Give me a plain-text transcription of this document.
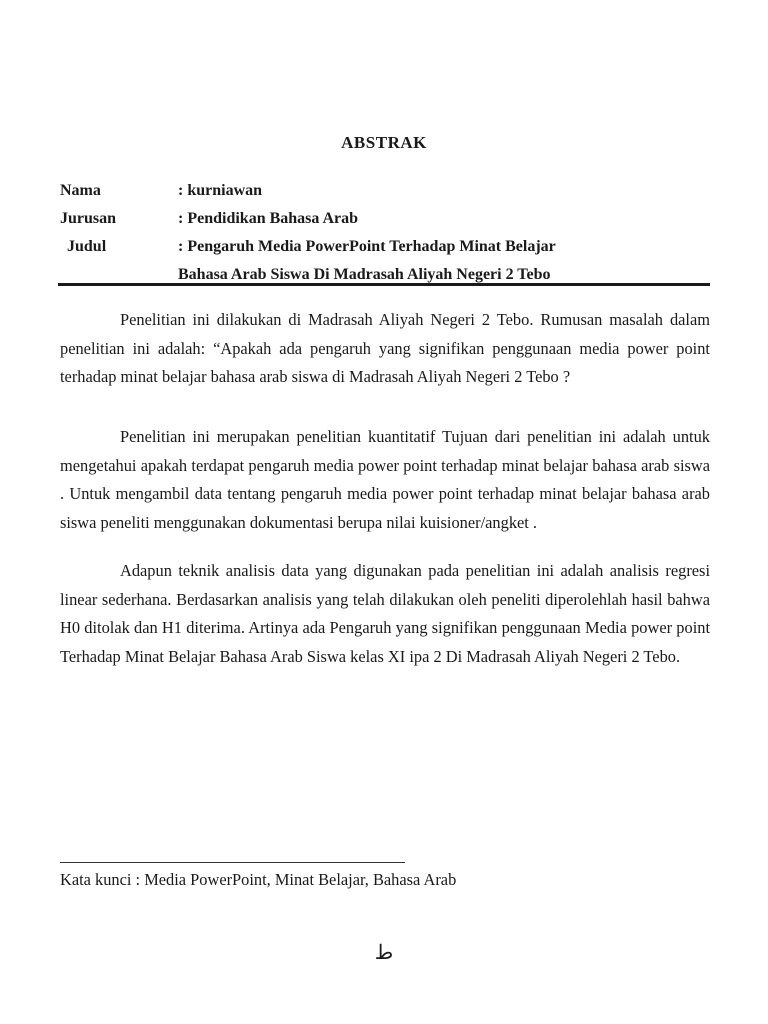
ABSTRAK
Nama	: kurniawan
Jurusan	: Pendidikan Bahasa Arab
Judul	: Pengaruh Media PowerPoint Terhadap Minat Belajar
Bahasa Arab Siswa Di Madrasah Aliyah Negeri 2 Tebo

Penelitian ini dilakukan di Madrasah Aliyah Negeri 2 Tebo. Rumusan masalah dalam penelitian ini adalah: “Apakah ada pengaruh yang signifikan penggunaan media power point terhadap minat belajar bahasa arab siswa di Madrasah Aliyah Negeri 2 Tebo ?

Penelitian ini merupakan penelitian kuantitatif Tujuan dari penelitian ini adalah untuk mengetahui apakah terdapat pengaruh media power point terhadap minat belajar bahasa arab siswa . Untuk mengambil data tentang pengaruh media power point terhadap minat belajar bahasa arab siswa peneliti menggunakan dokumentasi berupa nilai kuisioner/angket .

Adapun teknik analisis data yang digunakan pada penelitian ini adalah analisis regresi linear sederhana. Berdasarkan analisis yang telah dilakukan oleh peneliti diperolehlah hasil bahwa H0 ditolak dan H1 diterima. Artinya ada Pengaruh yang signifikan penggunaan Media power point Terhadap Minat Belajar Bahasa Arab Siswa kelas XI ipa 2 Di Madrasah Aliyah Negeri 2 Tebo.

Kata kunci : Media PowerPoint, Minat Belajar, Bahasa Arab
ط
